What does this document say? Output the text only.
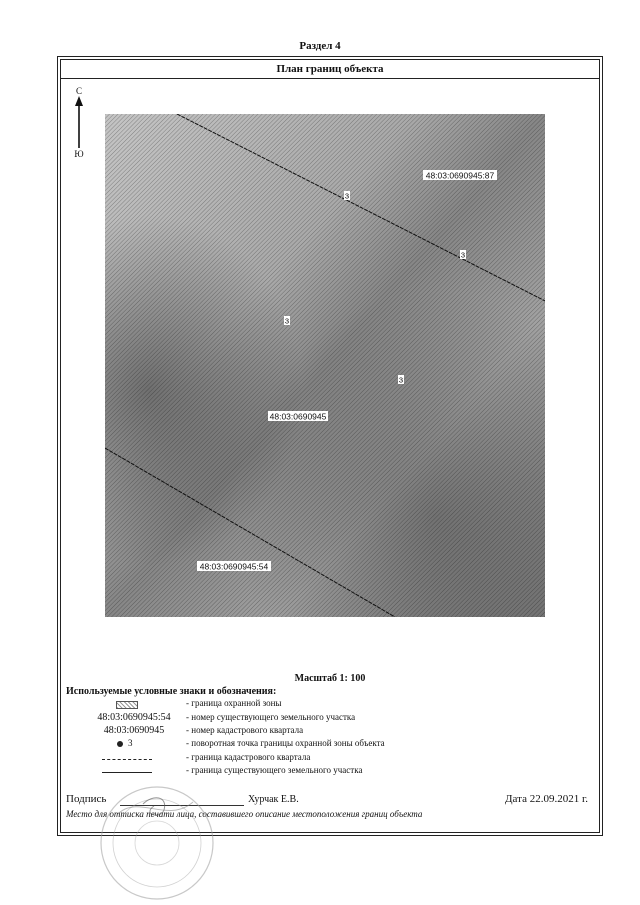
Раздел 4
План границ объекта
С
Ю
48:03:0690945:87
48:03:0690945
48:03:0690945:54
3
3
3
3
Масштаб 1: 100
Используемые условные знаки и обозначения:
- граница охранной зоны
48:03:0690945:54	- номер существующего земельного участка
48:03:0690945	- номер кадастрового квартала
3	- поворотная точка границы охранной зоны объекта
- граница кадастрового квартала
- граница существующего земельного участка
Подпись	Хурчак Е.В.	Дата 22.09.2021 г.
Место для оттиска печати лица, составившего описание местоположения границ объекта
